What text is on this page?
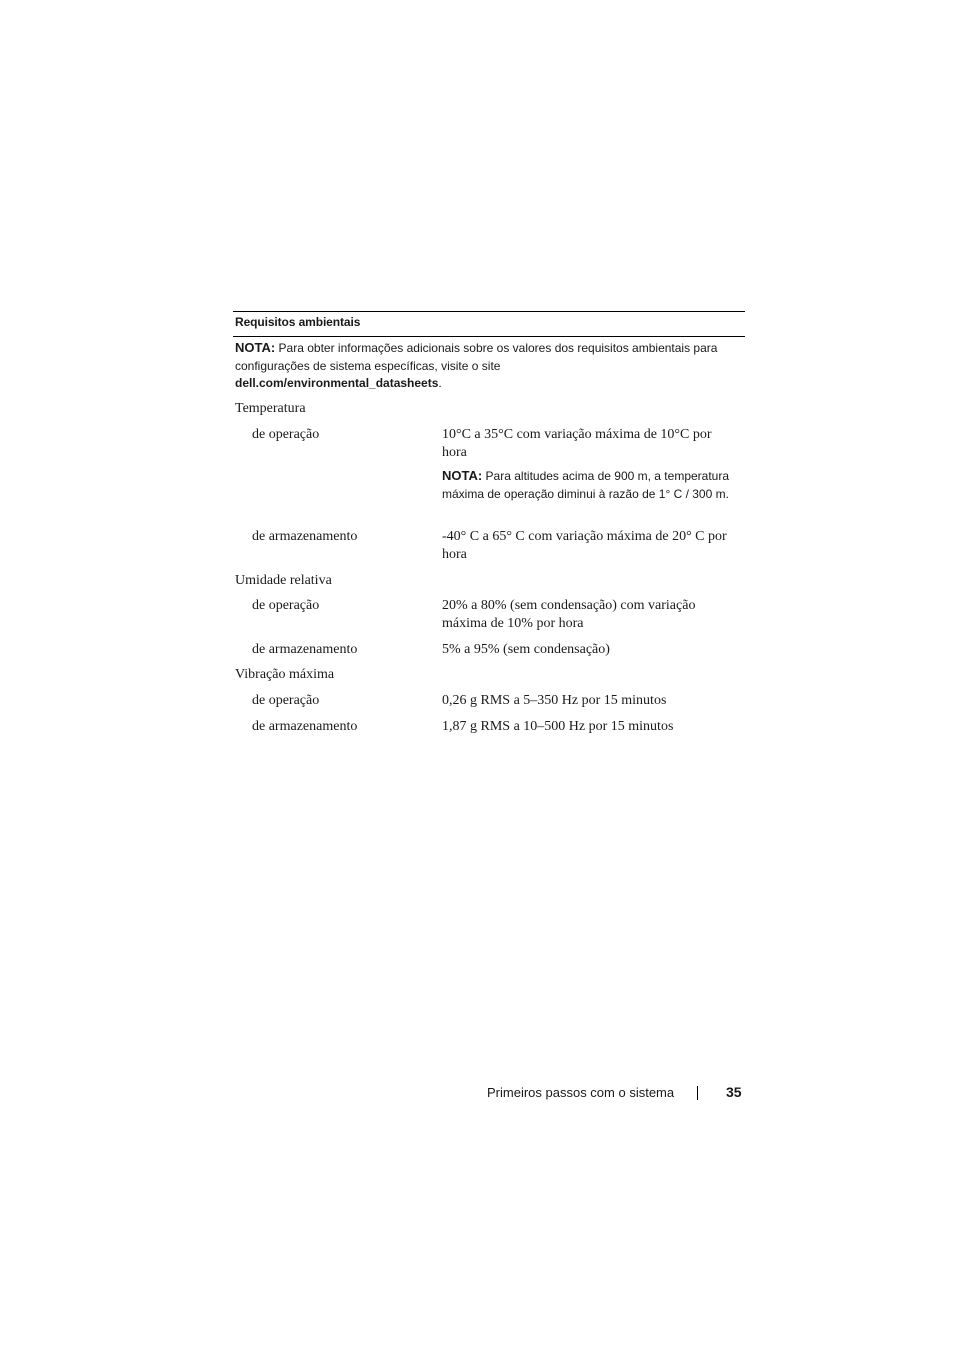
Requisitos ambientais
NOTA: Para obter informações adicionais sobre os valores dos requisitos ambientais para configurações de sistema específicas, visite o site
dell.com/environmental_datasheets.
Temperatura
de operação	10°C a 35°C com variação máxima de 10°C por hora
NOTA: Para altitudes acima de 900 m, a temperatura máxima de operação diminui à razão de 1° C / 300 m.
de armazenamento	-40° C a 65° C com variação máxima de 20° C por hora
Umidade relativa
de operação	20% a 80% (sem condensação) com variação máxima de 10% por hora
de armazenamento	5% a 95% (sem condensação)
Vibração máxima
de operação	0,26 g RMS a 5–350 Hz por 15 minutos
de armazenamento	1,87 g RMS a 10–500 Hz por 15 minutos
Primeiros passos com o sistema	35
